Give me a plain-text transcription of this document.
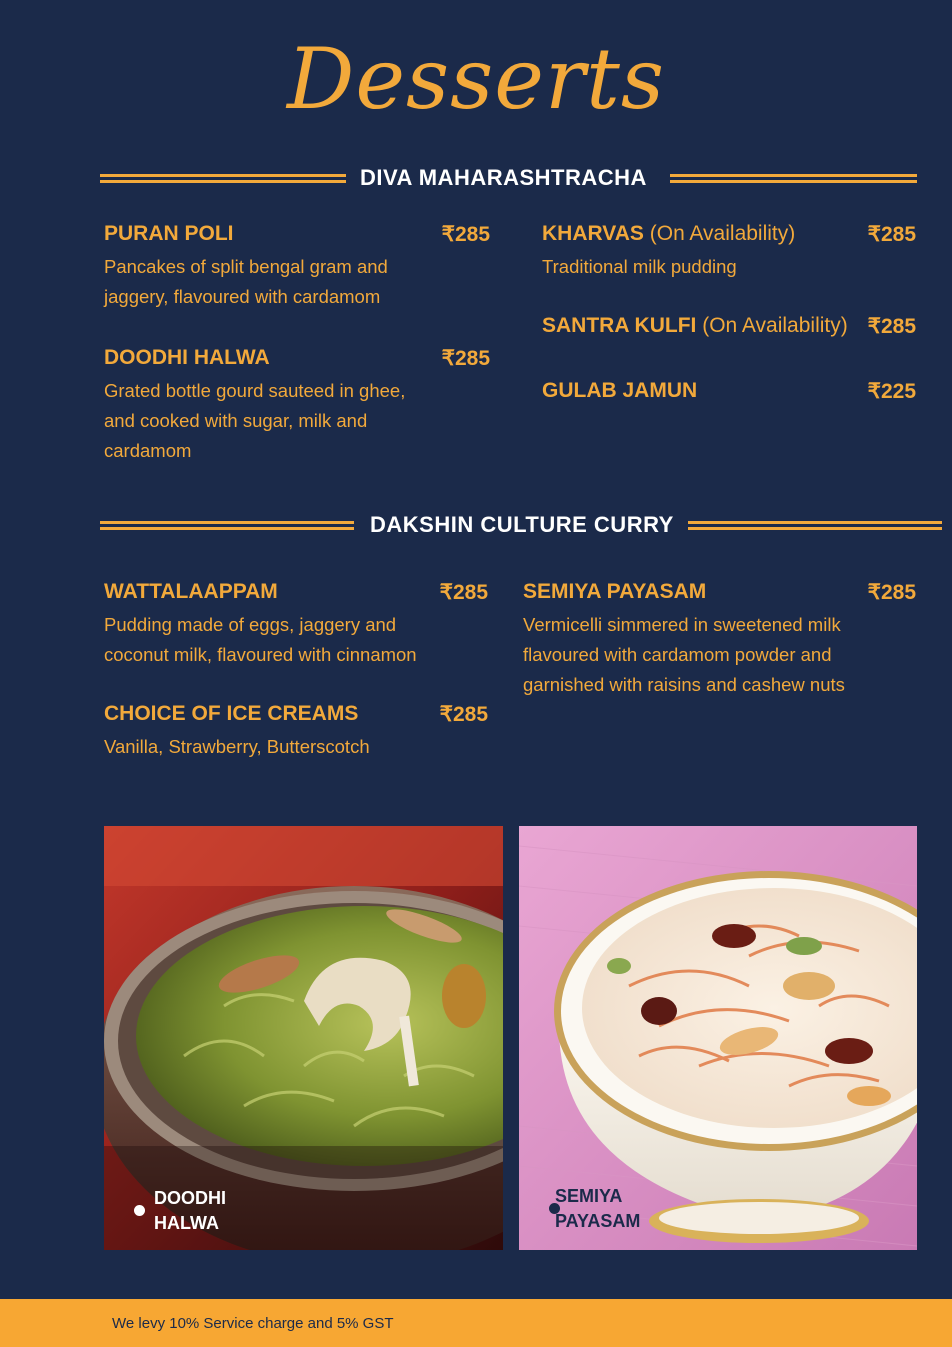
Desserts
DIVA MAHARASHTRACHA
PURAN POLI	₹285
Pancakes of split bengal gram and
jaggery, flavoured with cardamom
DOODHI HALWA	₹285
Grated bottle gourd sauteed in ghee,
and cooked with sugar, milk and
cardamom
KHARVAS (On Availability)	₹285
Traditional milk pudding
SANTRA KULFI (On Availability) ₹285
GULAB JAMUN	₹225
DAKSHIN CULTURE CURRY
WATTALAAPPAM	₹285
Pudding made of eggs, jaggery and
coconut milk, flavoured with cinnamon
CHOICE OF ICE CREAMS	₹285
Vanilla, Strawberry, Butterscotch
SEMIYA PAYASAM	₹285
Vermicelli simmered in sweetened milk
flavoured with cardamom powder and
garnished with raisins and cashew nuts
DOODHI
HALWA
SEMIYA
PAYASAM
We levy 10% Service charge and 5% GST
